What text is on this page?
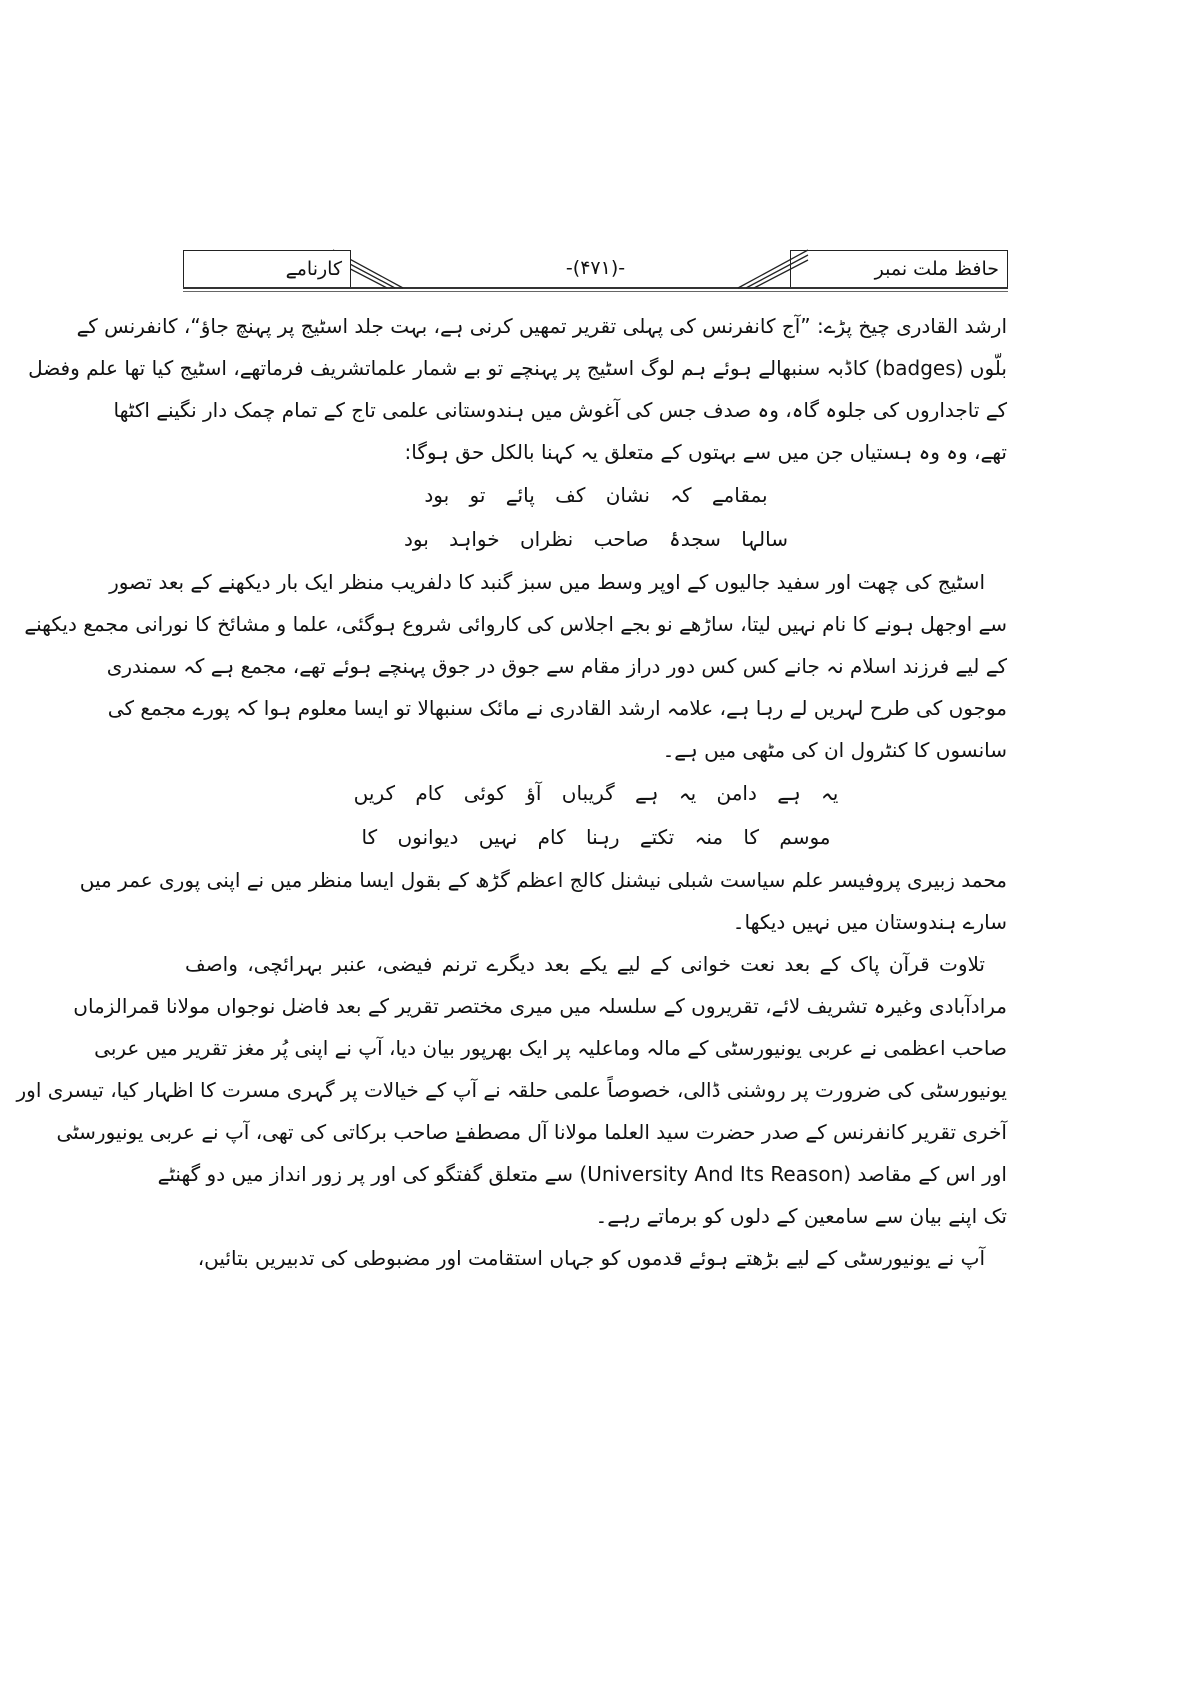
حافظ ملت نمبر
-(۴۷۱)-
کارنامے
ارشد القادری چیخ پڑے: ”آج کانفرنس کی پہلی تقریر تمھیں کرنی ہے، بہت جلد اسٹیج پر پہنچ جاؤ“، کانفرنس کے
بلّوں (badges) کاڈبہ سنبھالے ہوئے ہم لوگ اسٹیج پر پہنچے تو بے شمار علماتشریف فرماتھے، اسٹیج کیا تھا علم وفضل
کے تاجداروں کی جلوہ گاہ، وہ صدف جس کی آغوش میں ہندوستانی علمی تاج کے تمام چمک دار نگینے اکٹھا
تھے، وہ وہ ہستیاں جن میں سے بہتوں کے متعلق یہ کہنا بالکل حق ہوگا:
بمقامے کہ نشان کف پائے تو بود
سالہا سجدۂ صاحب نظراں خواہد بود
اسٹیج کی چھت اور سفید جالیوں کے اوپر وسط میں سبز گنبد کا دلفریب منظر ایک بار دیکھنے کے بعد تصور
سے اوجھل ہونے کا نام نہیں لیتا، ساڑھے نو بجے اجلاس کی کاروائی شروع ہوگئی، علما و مشائخ کا نورانی مجمع دیکھنے
کے لیے فرزند اسلام نہ جانے کس کس دور دراز مقام سے جوق در جوق پہنچے ہوئے تھے، مجمع ہے کہ سمندری
موجوں کی طرح لہریں لے رہا ہے، علامہ ارشد القادری نے مائک سنبھالا تو ایسا معلوم ہوا کہ پورے مجمع کی
سانسوں کا کنٹرول ان کی مٹھی میں ہے۔
یہ ہے دامن یہ ہے گریباں آؤ کوئی کام کریں
موسم کا منہ تکتے رہنا کام نہیں دیوانوں کا
محمد زبیری پروفیسر علم سیاست شبلی نیشنل کالج اعظم گڑھ کے بقول ایسا منظر میں نے اپنی پوری عمر میں
سارے ہندوستان میں نہیں دیکھا۔
تلاوت قرآن پاک کے بعد نعت خوانی کے لیے یکے بعد دیگرے ترنم فیضی، عنبر بہرائچی، واصف
مرادآبادی وغیرہ تشریف لائے، تقریروں کے سلسلہ میں میری مختصر تقریر کے بعد فاضل نوجواں مولانا قمرالزماں
صاحب اعظمی نے عربی یونیورسٹی کے مالہ وماعلیہ پر ایک بھرپور بیان دیا، آپ نے اپنی پُر مغز تقریر میں عربی
یونیورسٹی کی ضرورت پر روشنی ڈالی، خصوصاً علمی حلقہ نے آپ کے خیالات پر گہری مسرت کا اظہار کیا، تیسری اور
آخری تقریر کانفرنس کے صدر حضرت سید العلما مولانا آل مصطفےٰ صاحب برکاتی کی تھی، آپ نے عربی یونیورسٹی
اور اس کے مقاصد (University And Its Reason) سے متعلق گفتگو کی اور پر زور انداز میں دو گھنٹے
تک اپنے بیان سے سامعین کے دلوں کو برماتے رہے۔
آپ نے یونیورسٹی کے لیے بڑھتے ہوئے قدموں کو جہاں استقامت اور مضبوطی کی تدبیریں بتائیں،
